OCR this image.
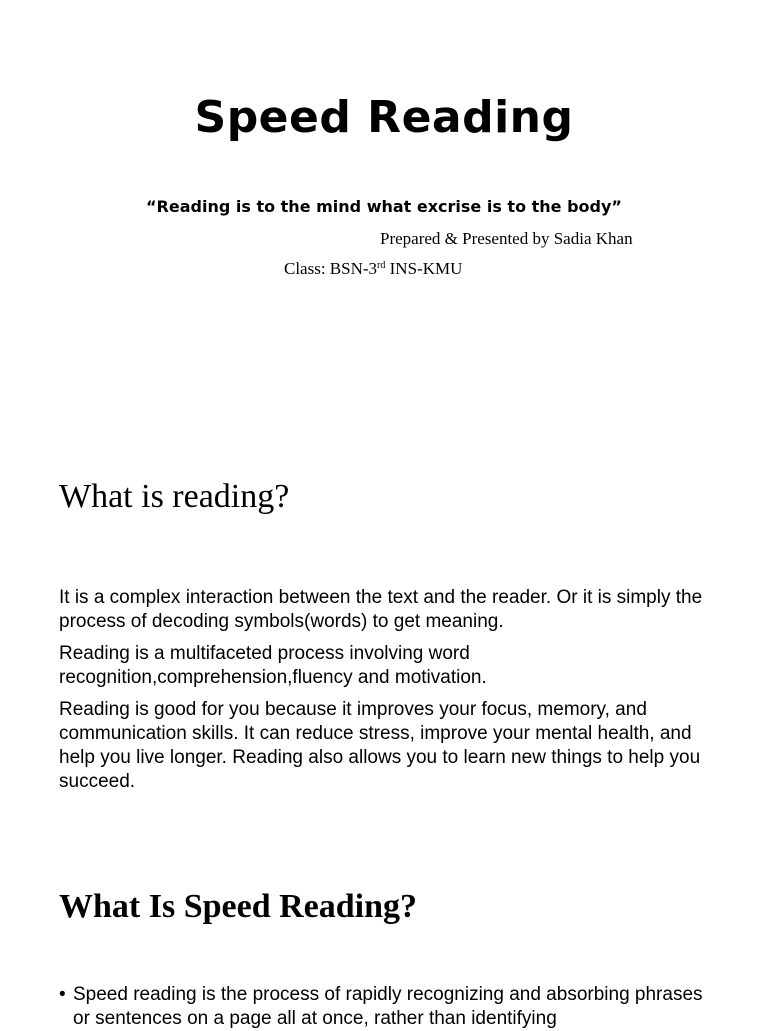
Speed Reading

“Reading is to the mind what excrise is to the body”

Prepared & Presented by Sadia Khan

Class: BSN-3rd INS-KMU

What is reading?

It is a complex interaction between the text and the reader. Or it is simply the process of decoding symbols(words) to get meaning.

Reading is a multifaceted process involving word recognition,comprehension,fluency and motivation.

Reading is good for you because it improves your focus, memory, and communication skills. It can reduce stress, improve your mental health, and help you live longer. Reading also allows you to learn new things to help you succeed.

What Is Speed Reading?
• Speed reading is the process of rapidly recognizing and absorbing phrases or sentences on a page all at once, rather than identifying
